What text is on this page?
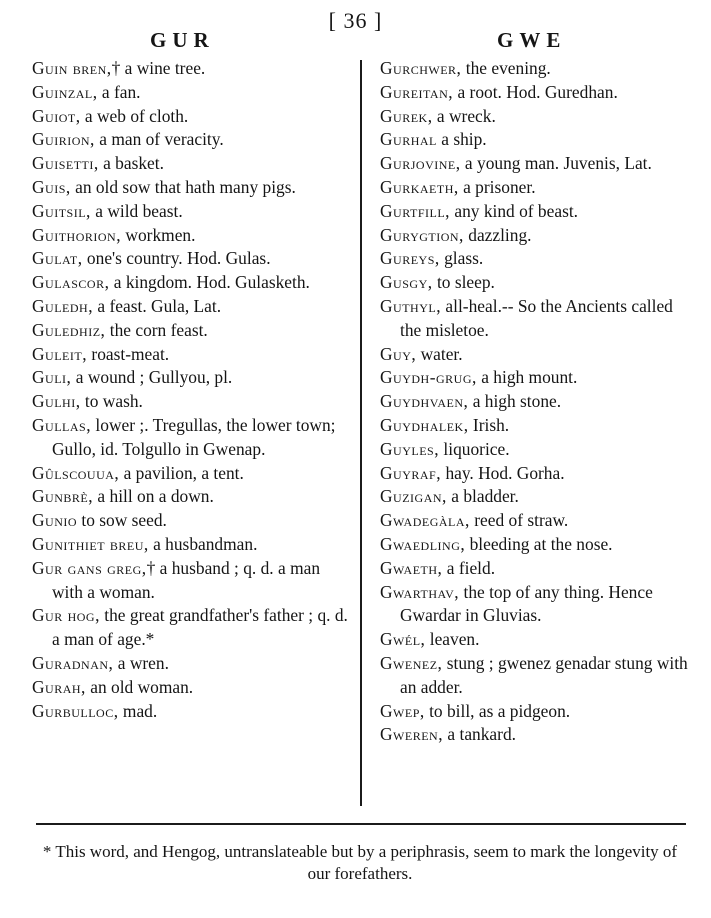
[ 36 ]
GUR	GWE
Guin bren,† a wine tree.
Guinzal, a fan.
Guiot, a web of cloth.
Guirion, a man of veracity.
Guisetti, a basket.
Guis, an old sow that hath many pigs.
Guitsil, a wild beast.
Guithorion, workmen.
Gulat, one's country. Hod. Gulas.
Gulascor, a kingdom. Hod. Gulasketh.
Guledh, a feast. Gula, Lat.
Guledhiz, the corn feast.
Guleit, roast-meat.
Guli, a wound ; Gullyou, pl.
Gulhi, to wash.
Gullas, lower ;. Tregullas, the lower town; Gullo, id. Tolgullo in Gwenap.
Gûlscouua, a pavilion, a tent.
Gunbrè, a hill on a down.
Gunio to sow seed.
Gunithiet breu, a husbandman.
Gur gans greg,† a husband ; q. d. a man with a woman.
Gur hog, the great grandfather's father ; q. d. a man of age.*
Guradnan, a wren.
Gurah, an old woman.
Gurbulloc, mad.
Gurchwer, the evening.
Gureitan, a root. Hod. Guredhan.
Gurek, a wreck.
Gurhal a ship.
Gurjovine, a young man. Juvenis, Lat.
Gurkaeth, a prisoner.
Gurtfill, any kind of beast.
Gurygtion, dazzling.
Gureys, glass.
Gusgy, to sleep.
Guthyl, all-heal.-- So the Ancients called the misletoe.
Guy, water.
Guydh-grug, a high mount.
Guydhvaen, a high stone.
Guydhalek, Irish.
Guyles, liquorice.
Guyraf, hay. Hod. Gorha.
Guzigan, a bladder.
Gwadegàla, reed of straw.
Gwaedling, bleeding at the nose.
Gwaeth, a field.
Gwarthav, the top of any thing. Hence Gwardar in Gluvias.
Gwél, leaven.
Gwenez, stung ; gwenez genadar stung with an adder.
Gwep, to bill, as a pidgeon.
Gweren, a tankard.
* This word, and Hengog, untranslateable but by a periphrasis, seem to mark the longevity of our forefathers.
